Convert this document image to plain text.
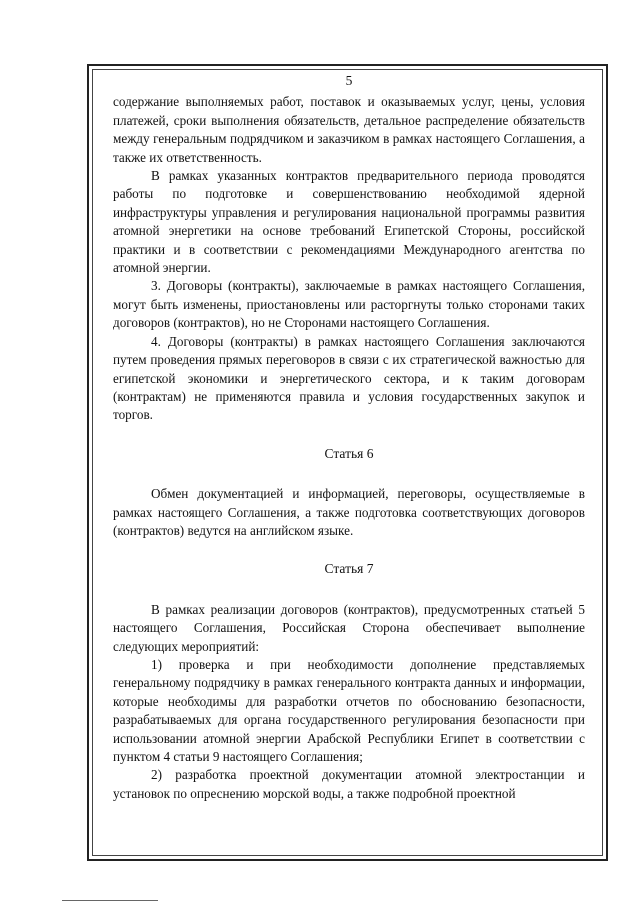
5

содержание выполняемых работ, поставок и оказываемых услуг, цены, условия платежей, сроки выполнения обязательств, детальное распределение обязательств между генеральным подрядчиком и заказчиком в рамках настоящего Соглашения, а также их ответственность.

В рамках указанных контрактов предварительного периода проводятся работы по подготовке и совершенствованию необходимой ядерной инфраструктуры управления и регулирования национальной программы развития атомной энергетики на основе требований Египетской Стороны, российской практики и в соответствии с рекомендациями Международного агентства по атомной энергии.

3. Договоры (контракты), заключаемые в рамках настоящего Соглашения, могут быть изменены, приостановлены или расторгнуты только сторонами таких договоров (контрактов), но не Сторонами настоящего Соглашения.

4. Договоры (контракты) в рамках настоящего Соглашения заключаются путем проведения прямых переговоров в связи с их стратегической важностью для египетской экономики и энергетического сектора, и к таким договорам (контрактам) не применяются правила и условия государственных закупок и торгов.

Статья 6

Обмен документацией и информацией, переговоры, осуществляемые в рамках настоящего Соглашения, а также подготовка соответствующих договоров (контрактов) ведутся на английском языке.

Статья 7

В рамках реализации договоров (контрактов), предусмотренных статьей 5 настоящего Соглашения, Российская Сторона обеспечивает выполнение следующих мероприятий:

1) проверка и при необходимости дополнение представляемых генеральному подрядчику в рамках генерального контракта данных и информации, которые необходимы для разработки отчетов по обоснованию безопасности, разрабатываемых для органа государственного регулирования безопасности при использовании атомной энергии Арабской Республики Египет в соответствии с пунктом 4 статьи 9 настоящего Соглашения;

2) разработка проектной документации атомной электростанции и установок по опреснению морской воды, а также подробной проектной
